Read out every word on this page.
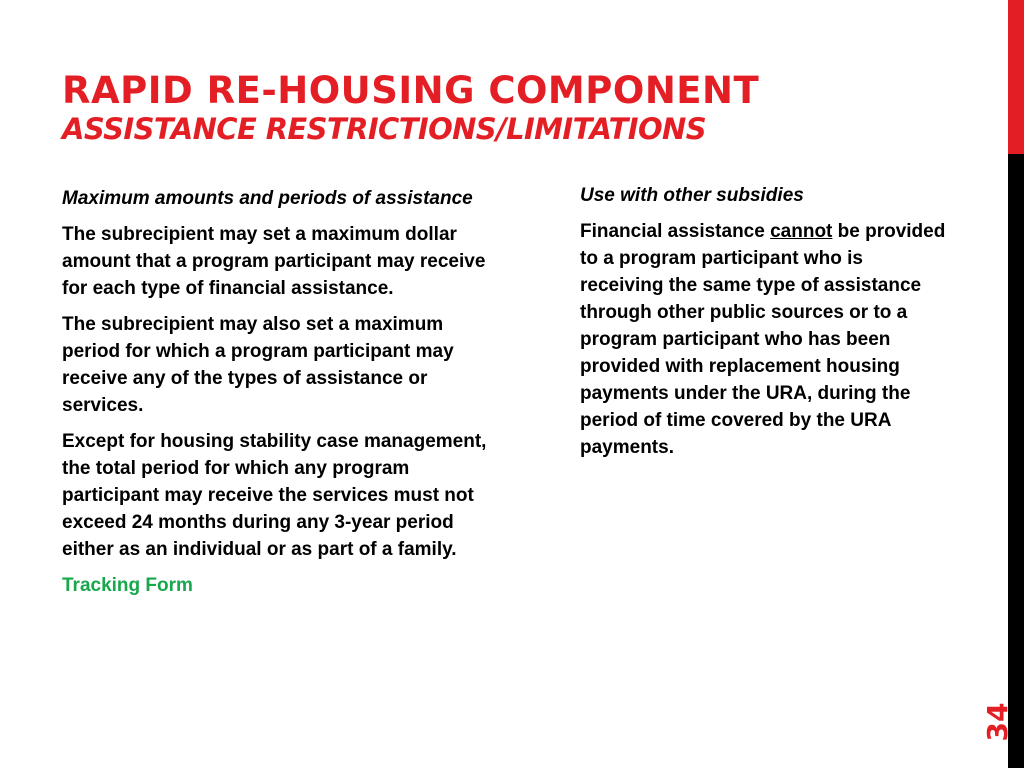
RAPID RE-HOUSING COMPONENT
ASSISTANCE RESTRICTIONS/LIMITATIONS

Maximum amounts and periods of assistance

The subrecipient may set a maximum dollar amount that a program participant may receive for each type of financial assistance.

The subrecipient may also set a maximum period for which a program participant may receive any of the types of assistance or services.

Except for housing stability case management, the total period for which any program participant may receive the services must not exceed 24 months during any 3-year period either as an individual or as part of a family.

Tracking Form

Use with other subsidies

Financial assistance cannot be provided to a program participant who is receiving the same type of assistance through other public sources or to a program participant who has been provided with replacement housing payments under the URA, during the period of time covered by the URA payments.

34
